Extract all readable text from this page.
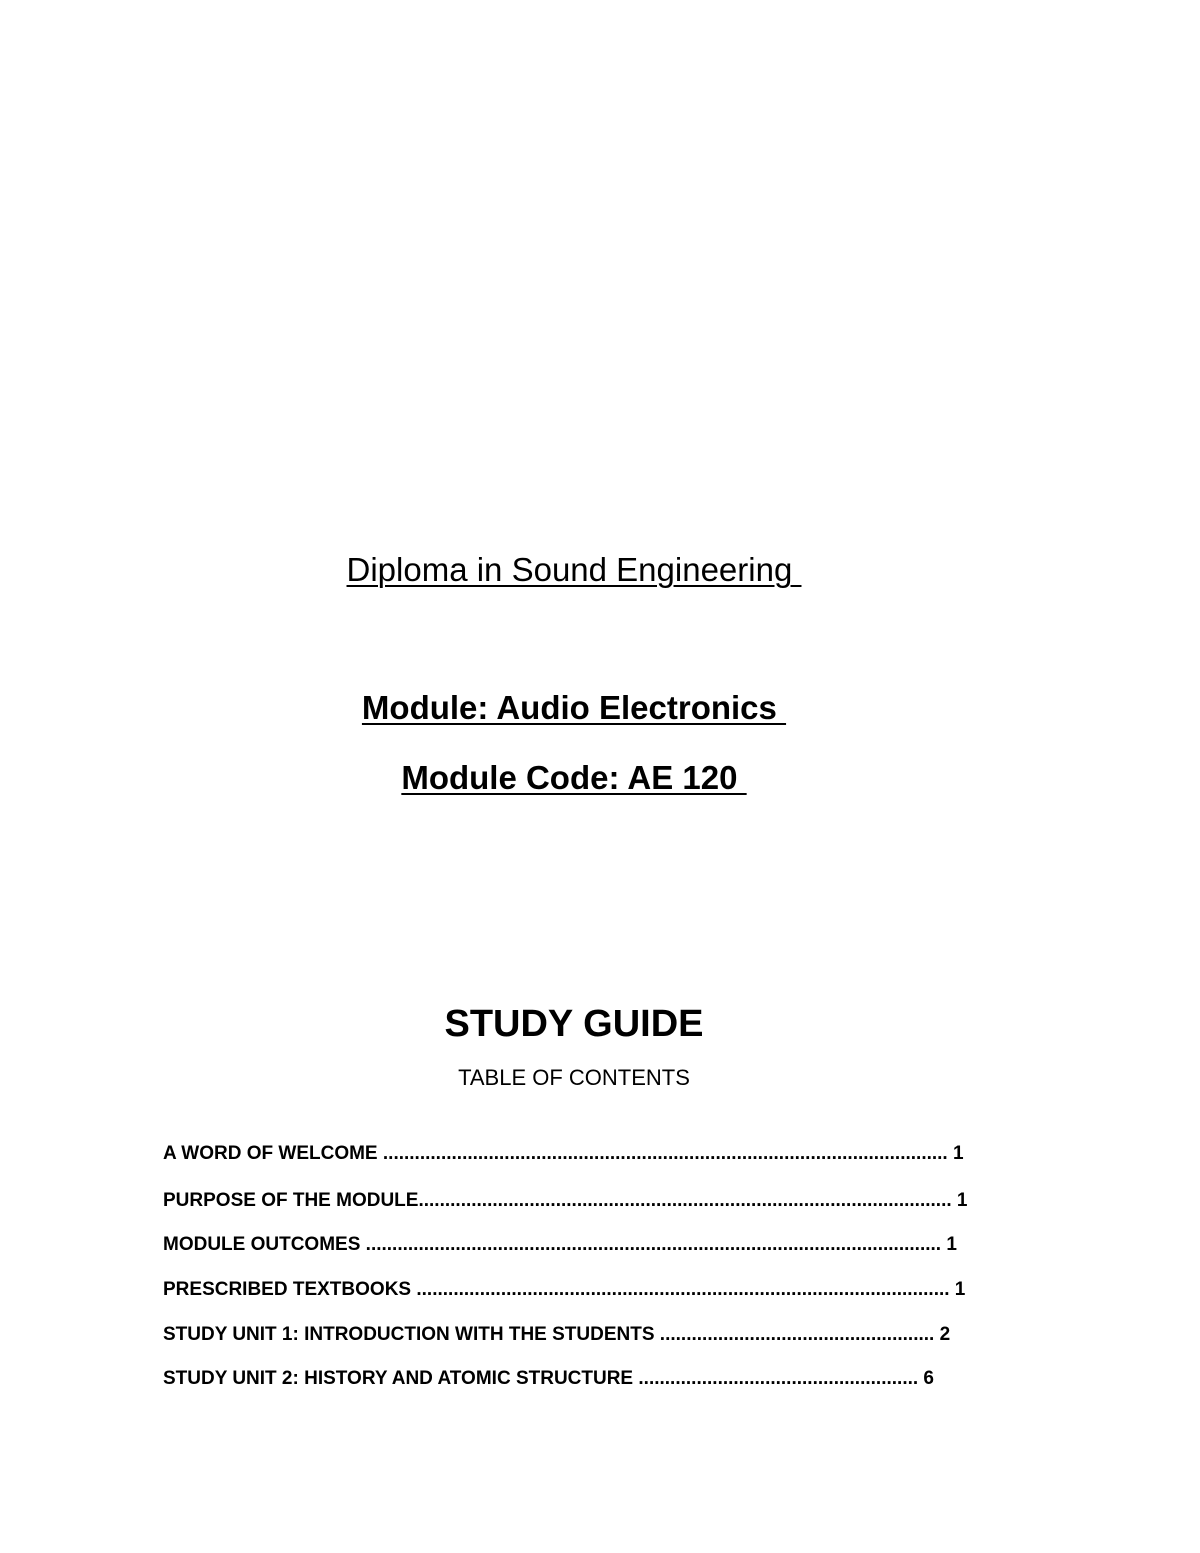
Diploma in Sound Engineering
Module: Audio Electronics
Module Code: AE 120
STUDY GUIDE
TABLE OF CONTENTS
A WORD OF WELCOME ........................................................................................................... 1
PURPOSE OF THE MODULE..................................................................................................... 1
MODULE OUTCOMES ............................................................................................................. 1
PRESCRIBED TEXTBOOKS ..................................................................................................... 1
STUDY UNIT 1: INTRODUCTION WITH THE STUDENTS .................................................... 2
STUDY UNIT 2: HISTORY AND ATOMIC STRUCTURE ..................................................... 6
